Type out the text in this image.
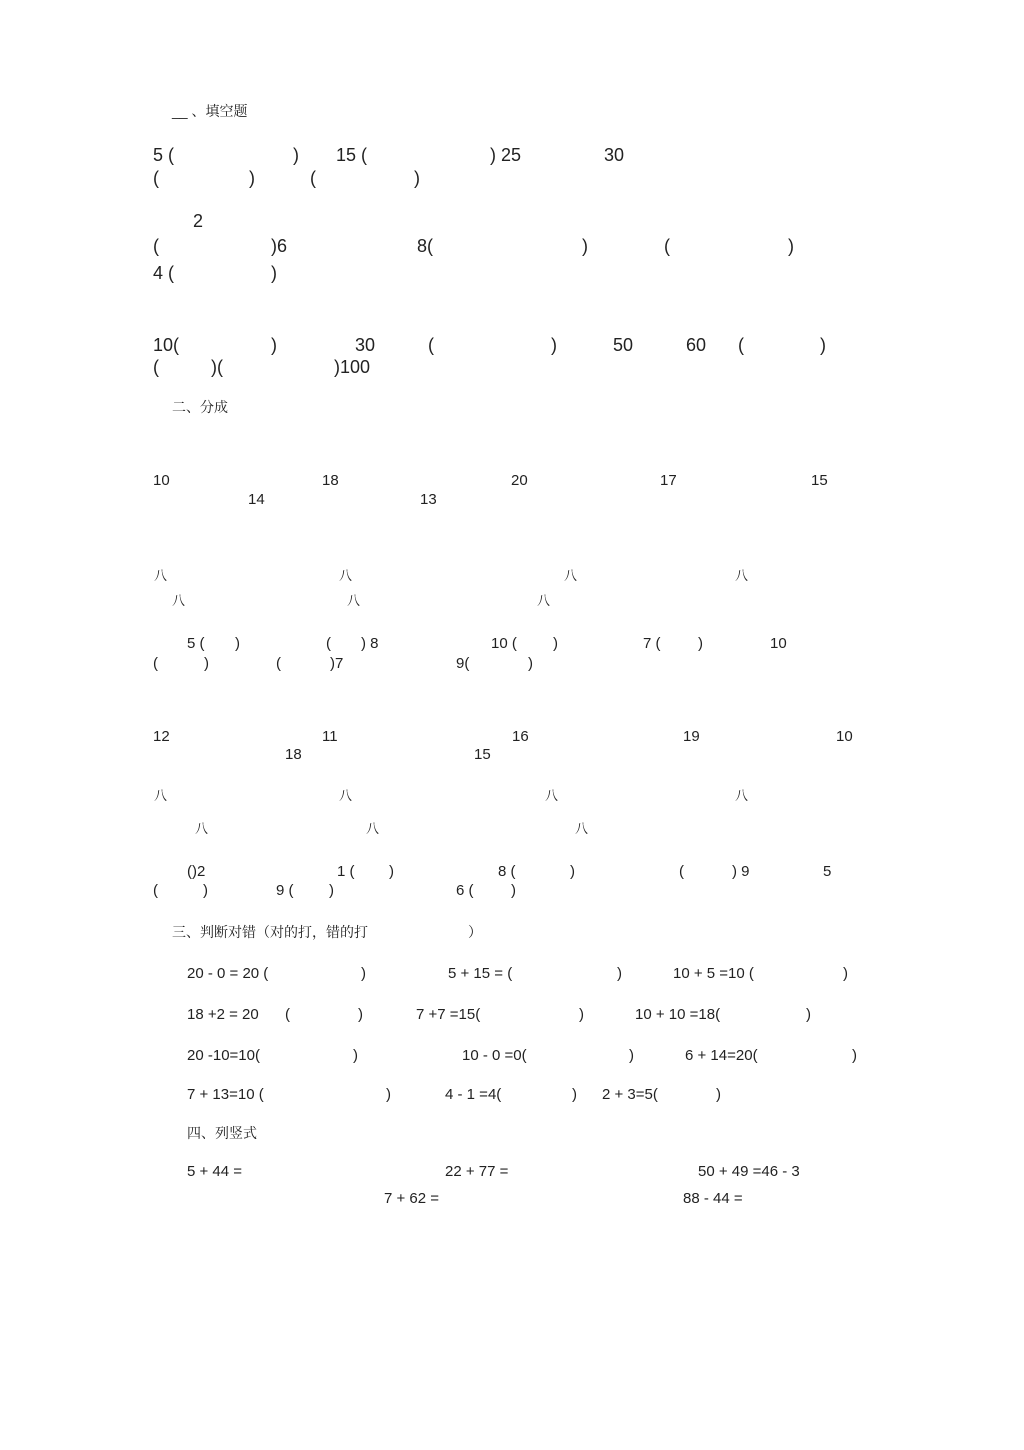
__ 、填空题
5 (	) 15 (	) 25	30
(	)	(	)
2
(	)6	8(	)	(	)
4 (	)
10(	)	30	(	)	50	60 (	)
(	)(	)100
二、分成
10	18	20	17	15
14	13
八	八	八	八
八	八	八
5 ( )	( ) 8	10 ( )	7 ( )	10
(	)	(	)7	9(	)
12	11	16	19	10
18	15
八	八	八	八
八	八	八
()2	1 ( )	8 (	)	(	) 9	5
(	)	9 ( )	6 ( )
三、判断对错（对的打，错的打	）
20 - 0 = 20 (	)	5 + 15 = (	)	10 + 5 =10 (	)
18 +2 = 20 (	)	7 +7 =15(	)	10 + 10 =18(	)
20 -10=10(	)	10 - 0 =0(	)	6 + 14=20(	)
7 + 13=10 (	)	4 - 1 =4(	) 2 + 3=5(	)
四、列竖式
5 + 44 =	22 + 77 =	50 + 49 =46 - 3
7 + 62 =	88 - 44 =
